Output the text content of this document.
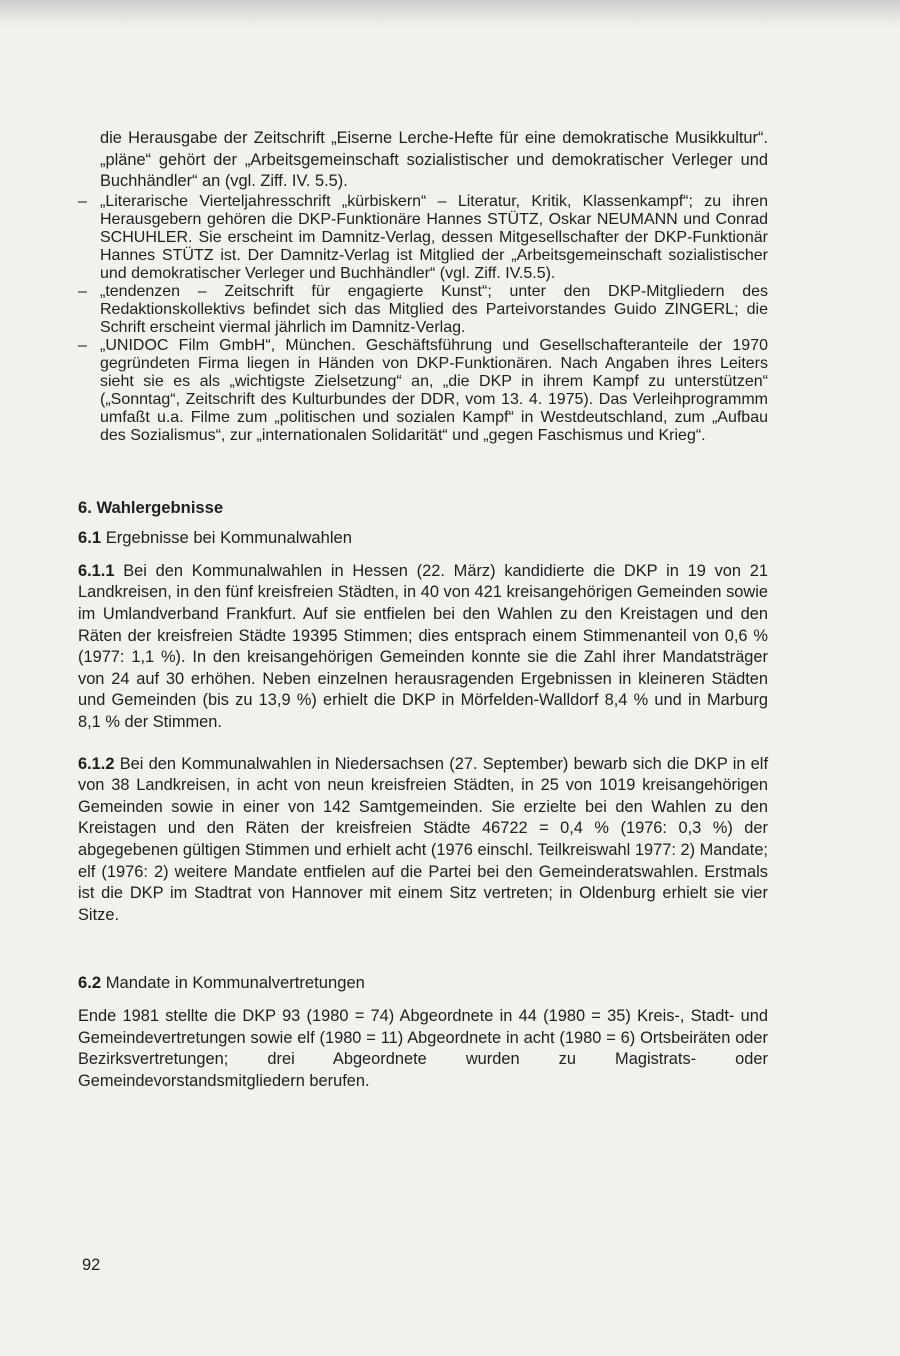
die Herausgabe der Zeitschrift „Eiserne Lerche-Hefte für eine demokratische Musikkultur“. „pläne“ gehört der „Arbeitsgemeinschaft sozialistischer und demokratischer Verleger und Buchhändler“ an (vgl. Ziff. IV. 5.5).

– „Literarische Vierteljahresschrift „kürbiskern“ – Literatur, Kritik, Klassenkampf“; zu ihren Herausgebern gehören die DKP-Funktionäre Hannes STÜTZ, Oskar NEUMANN und Conrad SCHUHLER. Sie erscheint im Damnitz-Verlag, dessen Mitgesellschafter der DKP-Funktionär Hannes STÜTZ ist. Der Damnitz-Verlag ist Mitglied der „Arbeitsgemeinschaft sozialistischer und demokratischer Verleger und Buchhändler“ (vgl. Ziff. IV.5.5).
– „tendenzen – Zeitschrift für engagierte Kunst“; unter den DKP-Mitgliedern des Redaktionskollektivs befindet sich das Mitglied des Parteivorstandes Guido ZINGERL; die Schrift erscheint viermal jährlich im Damnitz-Verlag.
– „UNIDOC Film GmbH“, München. Geschäftsführung und Gesellschafteranteile der 1970 gegründeten Firma liegen in Händen von DKP-Funktionären. Nach Angaben ihres Leiters sieht sie es als „wichtigste Zielsetzung“ an, „die DKP in ihrem Kampf zu unterstützen“ („Sonntag“, Zeitschrift des Kulturbundes der DDR, vom 13. 4. 1975). Das Verleihprogrammm umfaßt u.a. Filme zum „politischen und sozialen Kampf“ in Westdeutschland, zum „Aufbau des Sozialismus“, zur „internationalen Solidarität“ und „gegen Faschismus und Krieg“.
6. Wahlergebnisse
6.1 Ergebnisse bei Kommunalwahlen

6.1.1 Bei den Kommunalwahlen in Hessen (22. März) kandidierte die DKP in 19 von 21 Landkreisen, in den fünf kreisfreien Städten, in 40 von 421 kreisangehörigen Gemeinden sowie im Umlandverband Frankfurt. Auf sie entfielen bei den Wahlen zu den Kreistagen und den Räten der kreisfreien Städte 19395 Stimmen; dies entsprach einem Stimmenanteil von 0,6 % (1977: 1,1 %). In den kreisangehörigen Gemeinden konnte sie die Zahl ihrer Mandatsträger von 24 auf 30 erhöhen. Neben einzelnen herausragenden Ergebnissen in kleineren Städten und Gemeinden (bis zu 13,9 %) erhielt die DKP in Mörfelden-Walldorf 8,4 % und in Marburg 8,1 % der Stimmen.

6.1.2 Bei den Kommunalwahlen in Niedersachsen (27. September) bewarb sich die DKP in elf von 38 Landkreisen, in acht von neun kreisfreien Städten, in 25 von 1019 kreisangehörigen Gemeinden sowie in einer von 142 Samtgemeinden. Sie erzielte bei den Wahlen zu den Kreistagen und den Räten der kreisfreien Städte 46722 = 0,4 % (1976: 0,3 %) der abgegebenen gültigen Stimmen und erhielt acht (1976 einschl. Teilkreiswahl 1977: 2) Mandate; elf (1976: 2) weitere Mandate entfielen auf die Partei bei den Gemeinderatswahlen. Erstmals ist die DKP im Stadtrat von Hannover mit einem Sitz vertreten; in Oldenburg erhielt sie vier Sitze.

6.2 Mandate in Kommunalvertretungen

Ende 1981 stellte die DKP 93 (1980 = 74) Abgeordnete in 44 (1980 = 35) Kreis-, Stadt- und Gemeindevertretungen sowie elf (1980 = 11) Abgeordnete in acht (1980 = 6) Ortsbeiräten oder Bezirksvertretungen; drei Abgeordnete wurden zu Magistrats- oder Gemeindevorstandsmitgliedern berufen.

92
